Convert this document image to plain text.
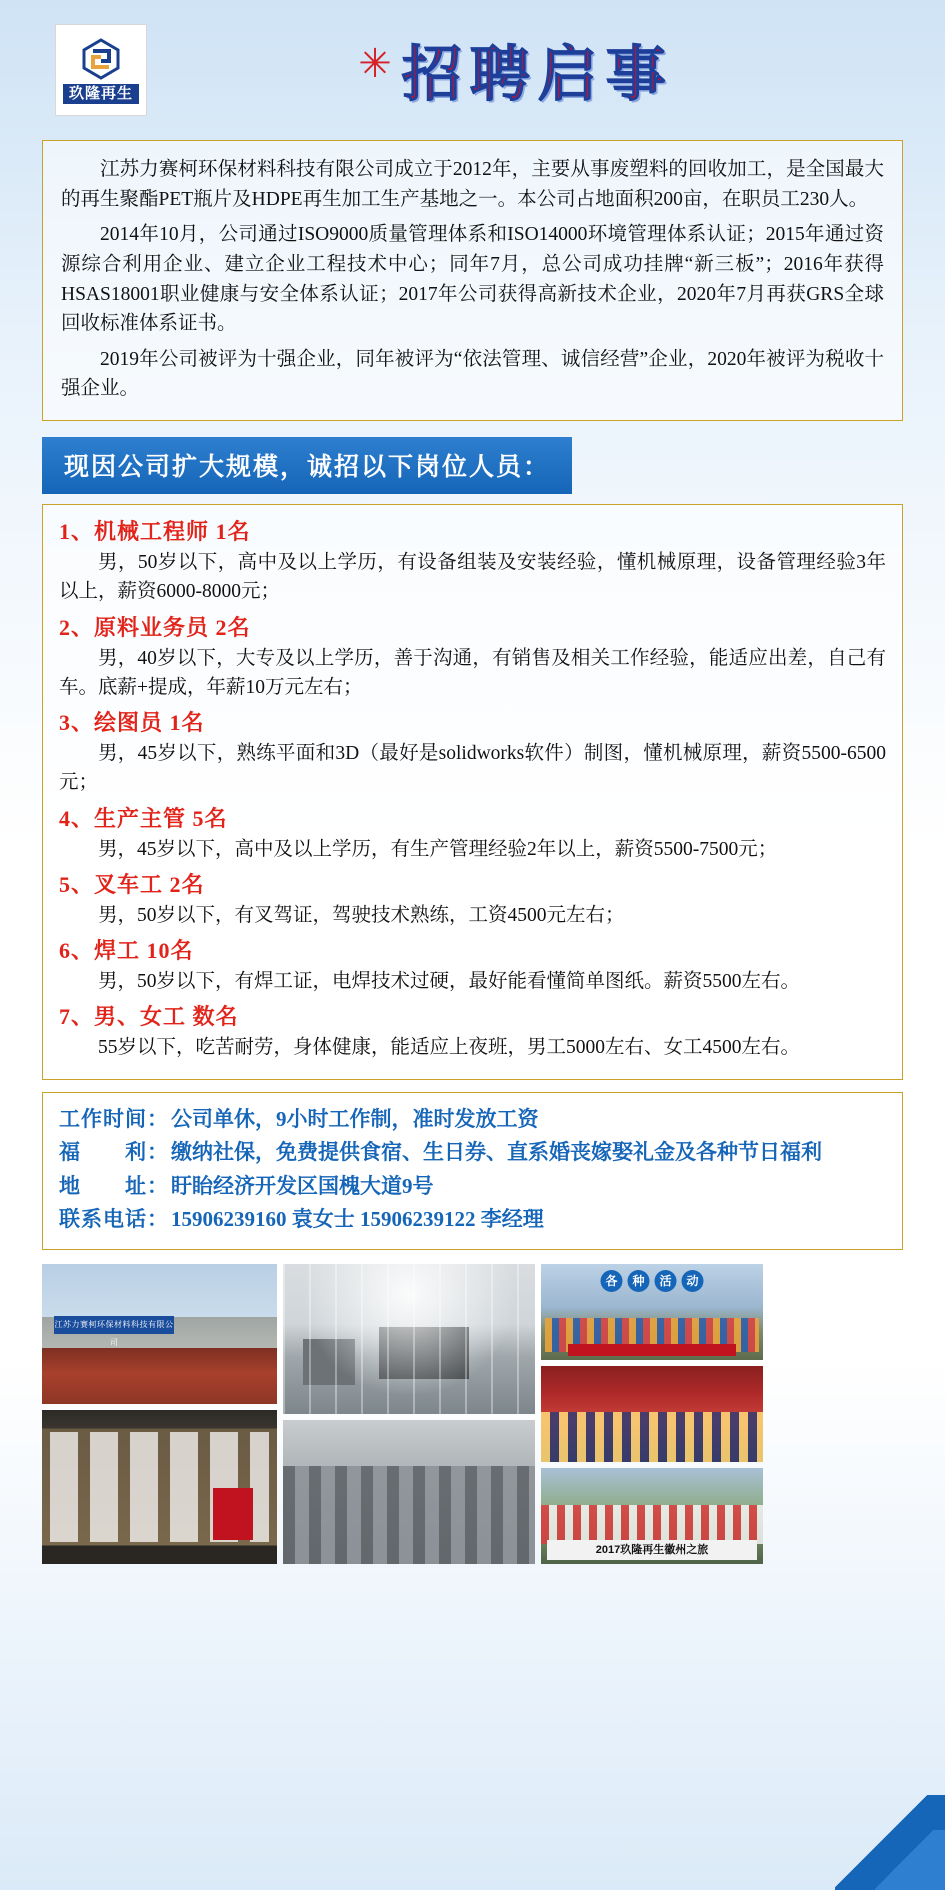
玖隆再生
✳ 招聘启事

江苏力赛柯环保材料科技有限公司成立于2012年，主要从事废塑料的回收加工，是全国最大的再生聚酯PET瓶片及HDPE再生加工生产基地之一。本公司占地面积200亩，在职员工230人。

2014年10月，公司通过ISO9000质量管理体系和ISO14000环境管理体系认证；2015年通过资源综合利用企业、建立企业工程技术中心；同年7月，总公司成功挂牌“新三板”；2016年获得HSAS18001职业健康与安全体系认证；2017年公司获得高新技术企业，2020年7月再获GRS全球回收标准体系证书。

2019年公司被评为十强企业，同年被评为“依法管理、诚信经营”企业，2020年被评为税收十强企业。

现因公司扩大规模，诚招以下岗位人员：
1、机械工程师 1名
男，50岁以下，高中及以上学历，有设备组装及安装经验，懂机械原理，设备管理经验3年以上，薪资6000-8000元；
2、原料业务员 2名
男，40岁以下，大专及以上学历，善于沟通，有销售及相关工作经验，能适应出差，自己有车。底薪+提成，年薪10万元左右；
3、绘图员 1名
男，45岁以下，熟练平面和3D（最好是solidworks软件）制图，懂机械原理，薪资5500-6500元；
4、生产主管 5名
男，45岁以下，高中及以上学历，有生产管理经验2年以上，薪资5500-7500元；
5、叉车工 2名
男，50岁以下，有叉驾证，驾驶技术熟练，工资4500元左右；
6、焊工 10名
男，50岁以下，有焊工证，电焊技术过硬，最好能看懂简单图纸。薪资5500左右。
7、男、女工 数名
55岁以下，吃苦耐劳，身体健康，能适应上夜班，男工5000左右、女工4500左右。
工作时间： 公司单休，9小时工作制，准时发放工资
福　　利： 缴纳社保，免费提供食宿、生日券、直系婚丧嫁娶礼金及各种节日福利
地　　址： 盱眙经济开发区国槐大道9号
联系电话： 15906239160 袁女士 15906239122 李经理
江苏力赛柯环保材料科技有限公司
各	种	活	动
2017玖隆再生徽州之旅
